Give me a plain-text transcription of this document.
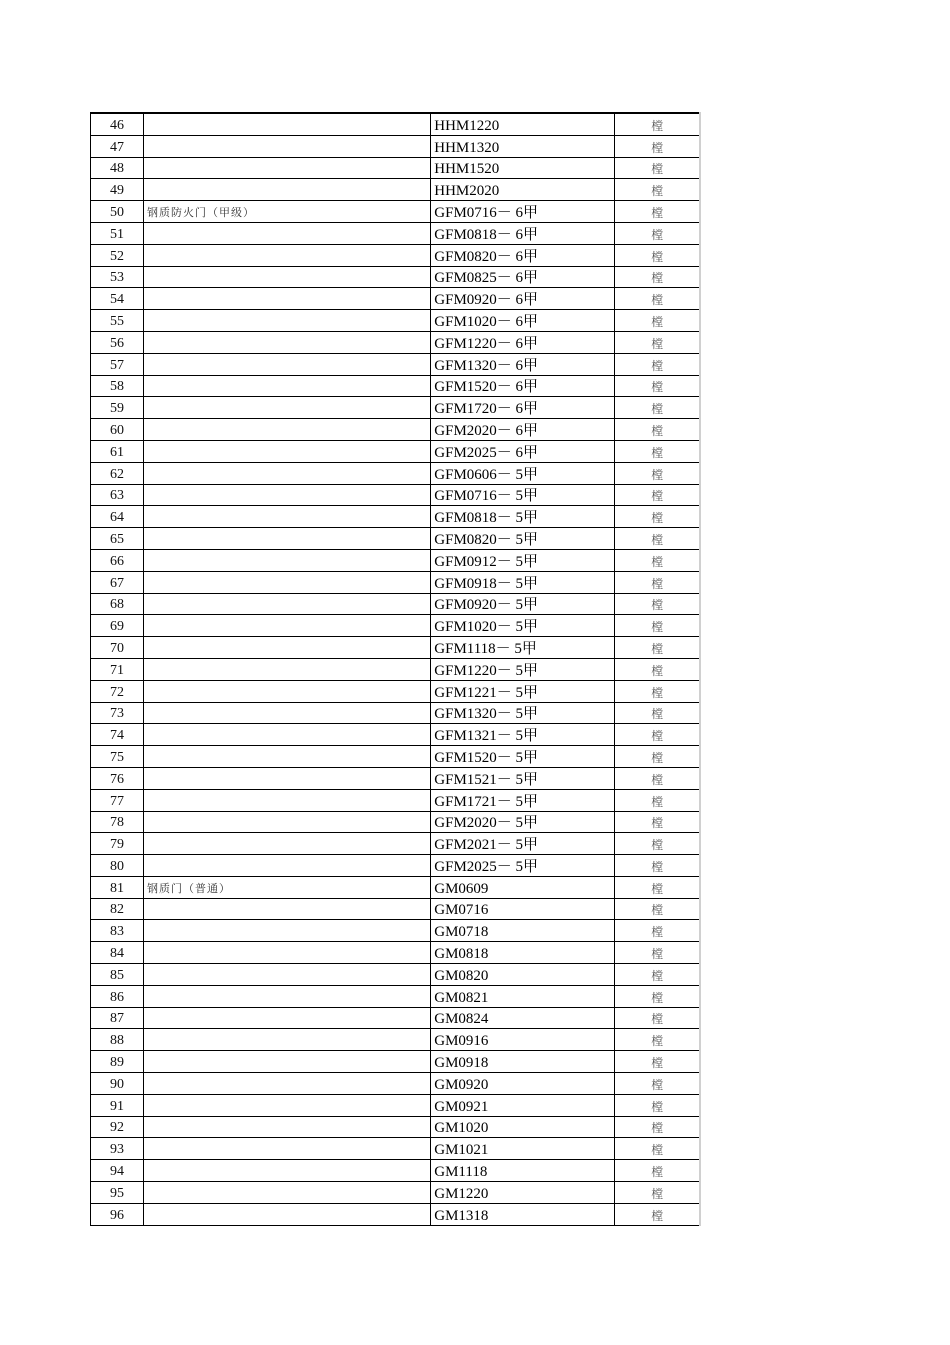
46		HHM1220	樘
47		HHM1320	樘
48		HHM1520	樘
49		HHM2020	樘
50	钢质防火门（甲级）	GFM0716－ 6甲	樘
51		GFM0818－ 6甲	樘
52		GFM0820－ 6甲	樘
53		GFM0825－ 6甲	樘
54		GFM0920－ 6甲	樘
55		GFM1020－ 6甲	樘
56		GFM1220－ 6甲	樘
57		GFM1320－ 6甲	樘
58		GFM1520－ 6甲	樘
59		GFM1720－ 6甲	樘
60		GFM2020－ 6甲	樘
61		GFM2025－ 6甲	樘
62		GFM0606－ 5甲	樘
63		GFM0716－ 5甲	樘
64		GFM0818－ 5甲	樘
65		GFM0820－ 5甲	樘
66		GFM0912－ 5甲	樘
67		GFM0918－ 5甲	樘
68		GFM0920－ 5甲	樘
69		GFM1020－ 5甲	樘
70		GFM1118－ 5甲	樘
71		GFM1220－ 5甲	樘
72		GFM1221－ 5甲	樘
73		GFM1320－ 5甲	樘
74		GFM1321－ 5甲	樘
75		GFM1520－ 5甲	樘
76		GFM1521－ 5甲	樘
77		GFM1721－ 5甲	樘
78		GFM2020－ 5甲	樘
79		GFM2021－ 5甲	樘
80		GFM2025－ 5甲	樘
81	钢质门（普通）	GM0609	樘
82		GM0716	樘
83		GM0718	樘
84		GM0818	樘
85		GM0820	樘
86		GM0821	樘
87		GM0824	樘
88		GM0916	樘
89		GM0918	樘
90		GM0920	樘
91		GM0921	樘
92		GM1020	樘
93		GM1021	樘
94		GM1118	樘
95		GM1220	樘
96		GM1318	樘
